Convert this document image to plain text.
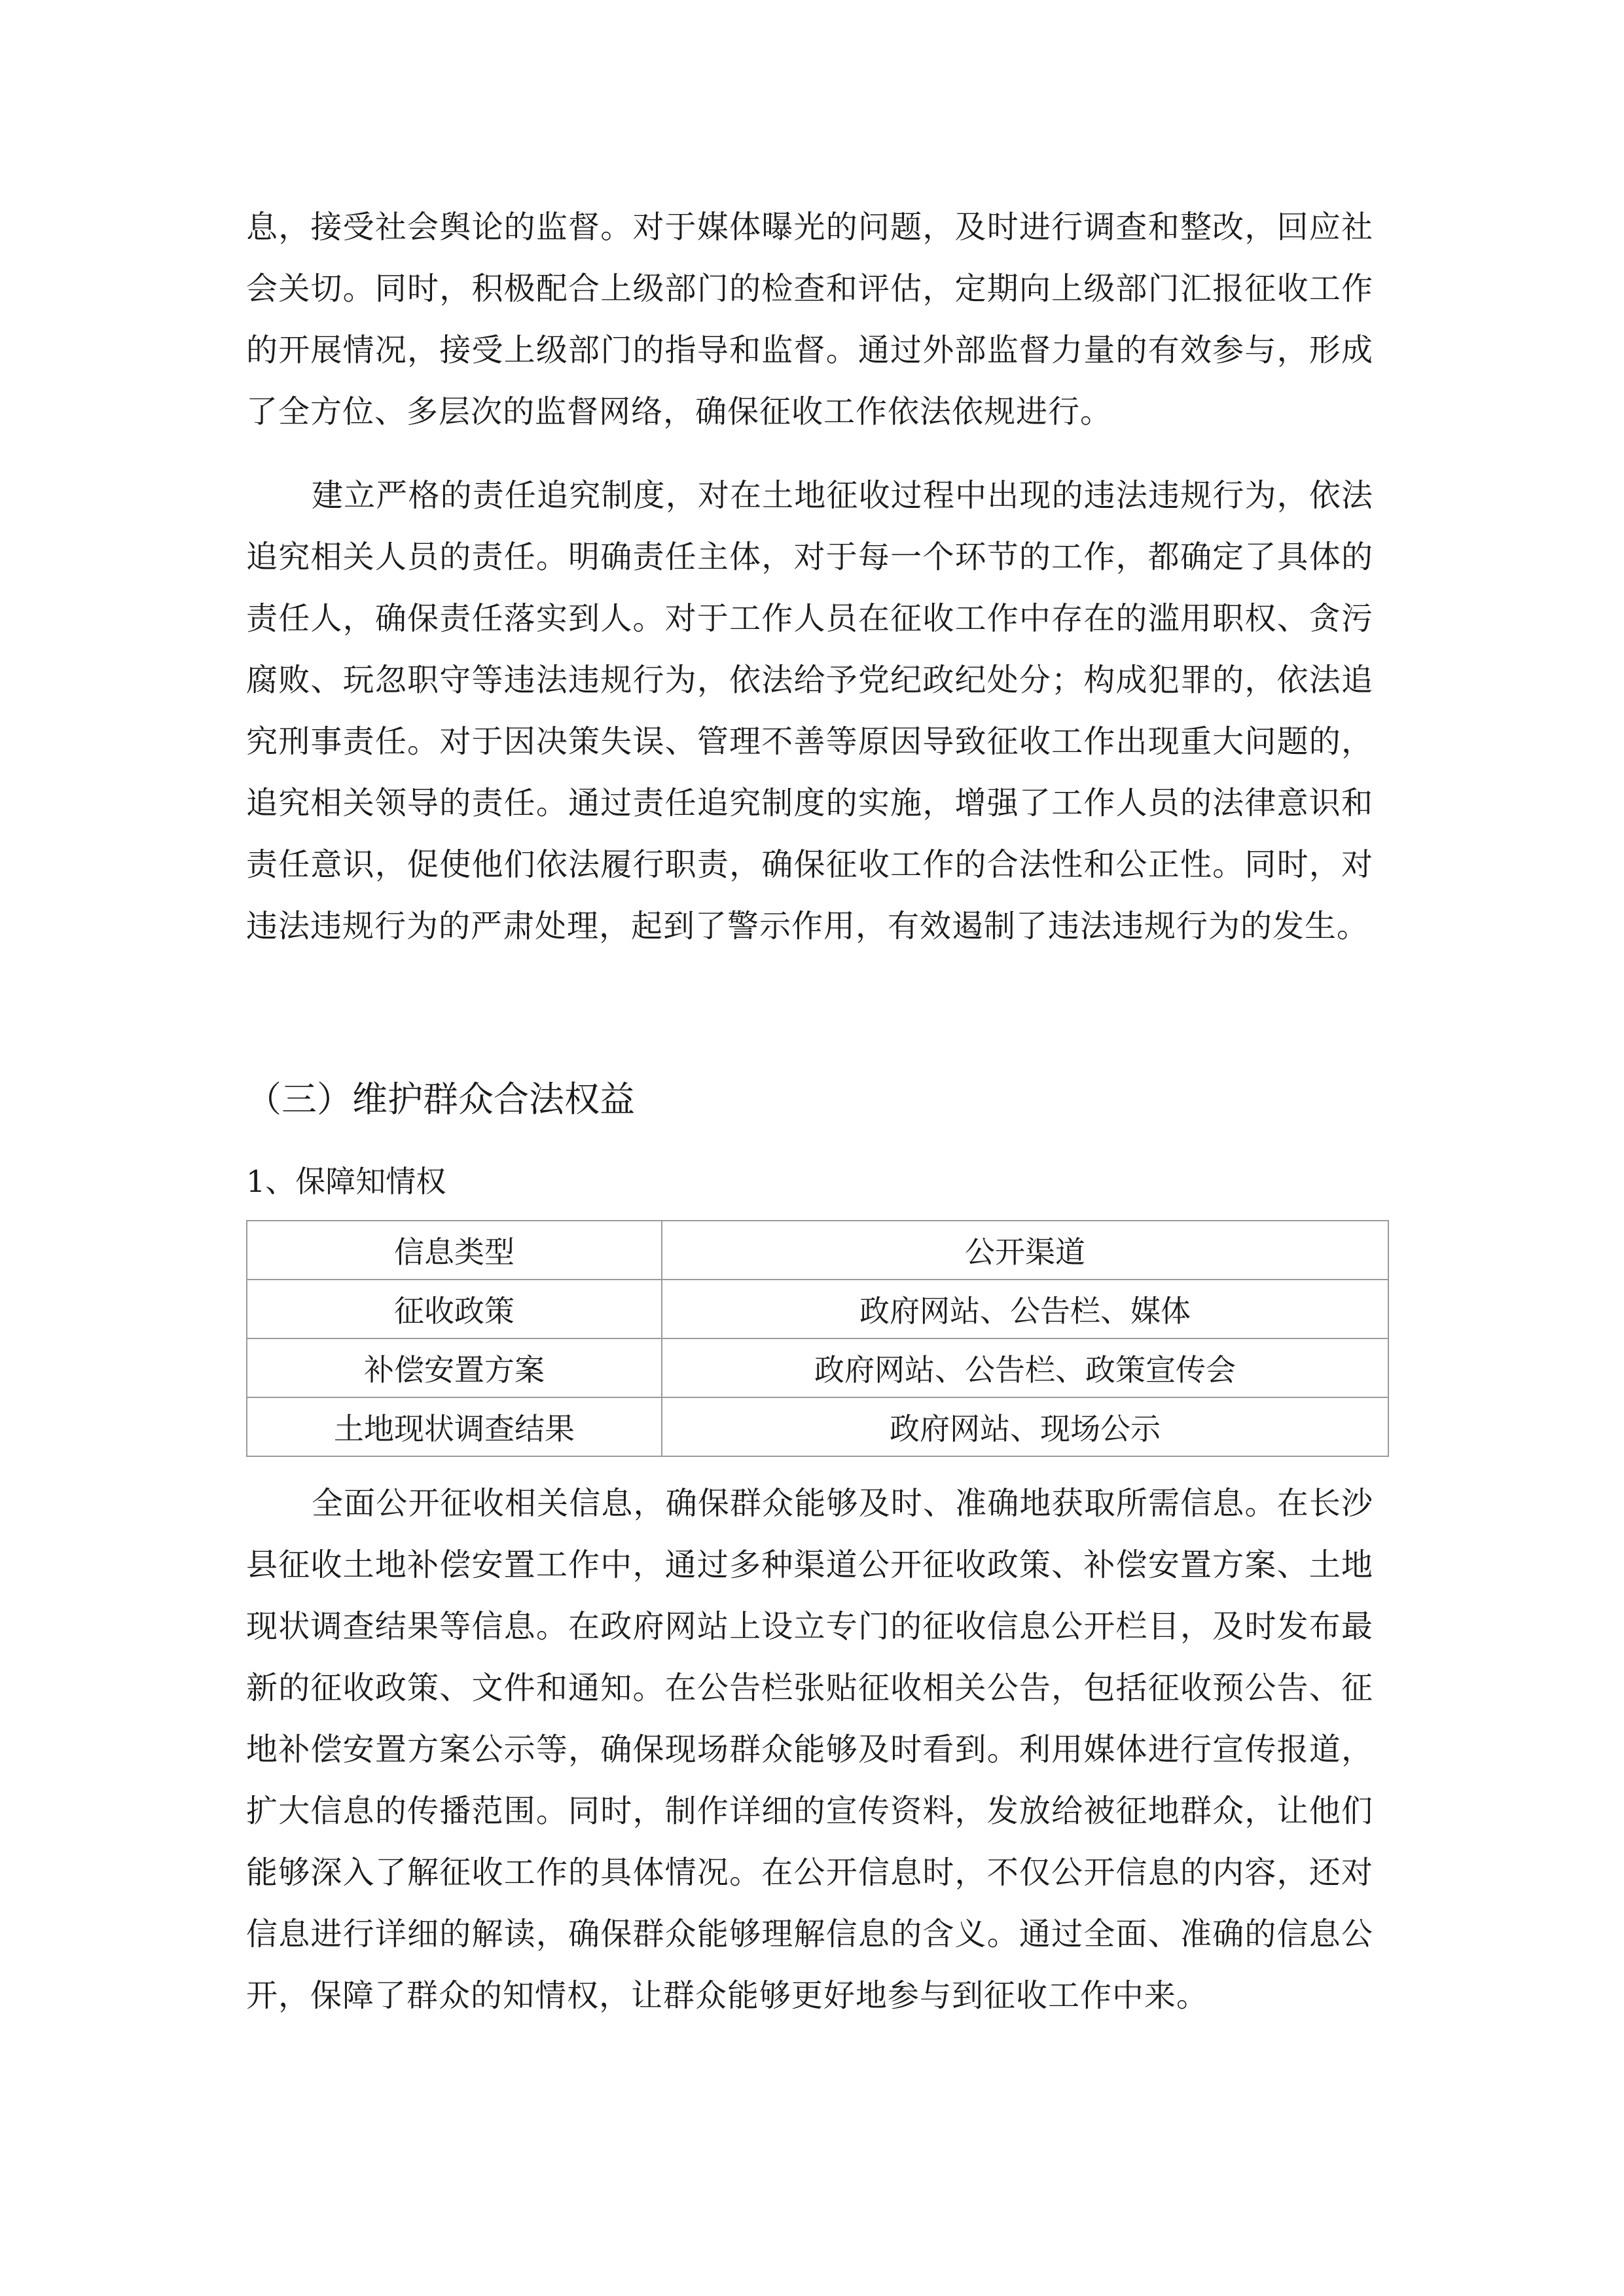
息，接受社会舆论的监督。对于媒体曝光的问题，及时进行调查和整改，回应社会关切。同时，积极配合上级部门的检查和评估，定期向上级部门汇报征收工作的开展情况，接受上级部门的指导和监督。通过外部监督力量的有效参与，形成了全方位、多层次的监督网络，确保征收工作依法依规进行。

建立严格的责任追究制度，对在土地征收过程中出现的违法违规行为，依法追究相关人员的责任。明确责任主体，对于每一个环节的工作，都确定了具体的责任人，确保责任落实到人。对于工作人员在征收工作中存在的滥用职权、贪污腐败、玩忽职守等违法违规行为，依法给予党纪政纪处分；构成犯罪的，依法追究刑事责任。对于因决策失误、管理不善等原因导致征收工作出现重大问题的，追究相关领导的责任。通过责任追究制度的实施，增强了工作人员的法律意识和责任意识，促使他们依法履行职责，确保征收工作的合法性和公正性。同时，对违法违规行为的严肃处理，起到了警示作用，有效遏制了违法违规行为的发生。

（三）维护群众合法权益
1、保障知情权
信息类型	公开渠道
征收政策	政府网站、公告栏、媒体
补偿安置方案	政府网站、公告栏、政策宣传会
土地现状调查结果	政府网站、现场公示

全面公开征收相关信息，确保群众能够及时、准确地获取所需信息。在长沙县征收土地补偿安置工作中，通过多种渠道公开征收政策、补偿安置方案、土地现状调查结果等信息。在政府网站上设立专门的征收信息公开栏目，及时发布最新的征收政策、文件和通知。在公告栏张贴征收相关公告，包括征收预公告、征地补偿安置方案公示等，确保现场群众能够及时看到。利用媒体进行宣传报道，扩大信息的传播范围。同时，制作详细的宣传资料，发放给被征地群众，让他们能够深入了解征收工作的具体情况。在公开信息时，不仅公开信息的内容，还对信息进行详细的解读，确保群众能够理解信息的含义。通过全面、准确的信息公开，保障了群众的知情权，让群众能够更好地参与到征收工作中来。
